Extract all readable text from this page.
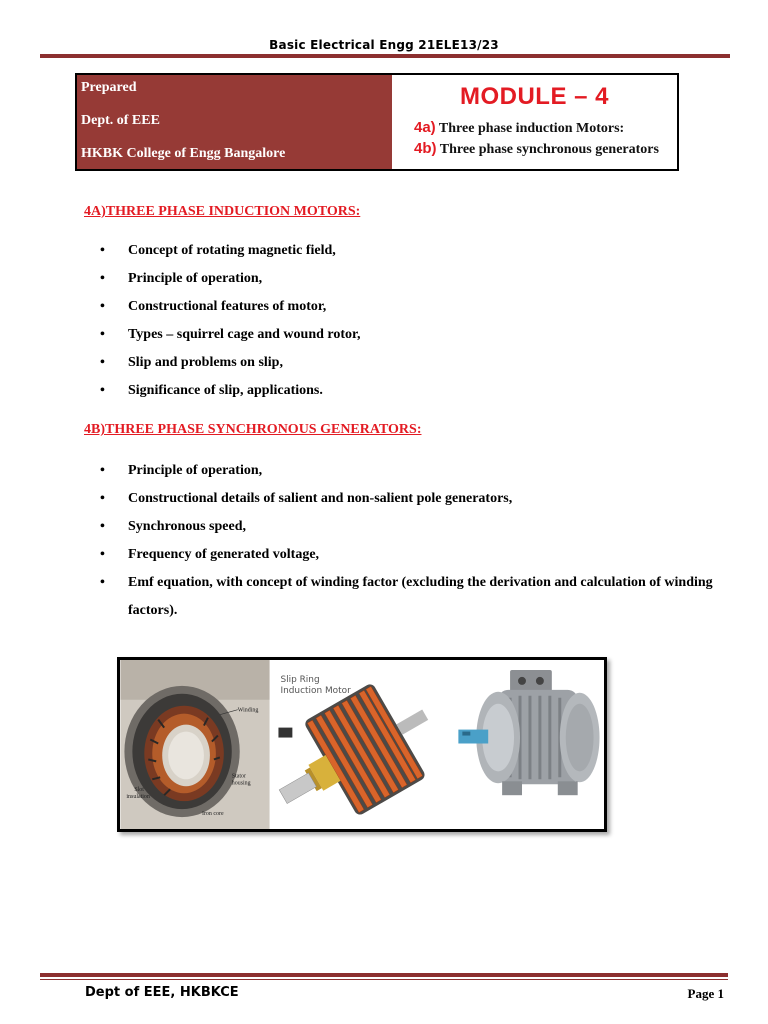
Basic Electrical Engg 21ELE13/23
Prepared
Dept. of EEE
HKBK College of Engg Bangalore
MODULE – 4
4a) Three phase induction Motors:
4b) Three phase synchronous generators
4A)THREE PHASE INDUCTION MOTORS:
• Concept of rotating magnetic field,
• Principle of operation,
• Constructional features of motor,
• Types – squirrel cage and wound rotor,
• Slip and problems on slip,
• Significance of slip, applications.
4B)THREE PHASE SYNCHRONOUS GENERATORS:
• Principle of operation,
• Constructional details of salient and non-salient pole generators,
• Synchronous speed,
• Frequency of generated voltage,
• Emf equation, with concept of winding factor (excluding the derivation and calculation of winding factors).
Winding
Slot insulation
Stator housing
Iron core
Slip Ring
Induction Motor
Dept of EEE, HKBKCE	Page 1
